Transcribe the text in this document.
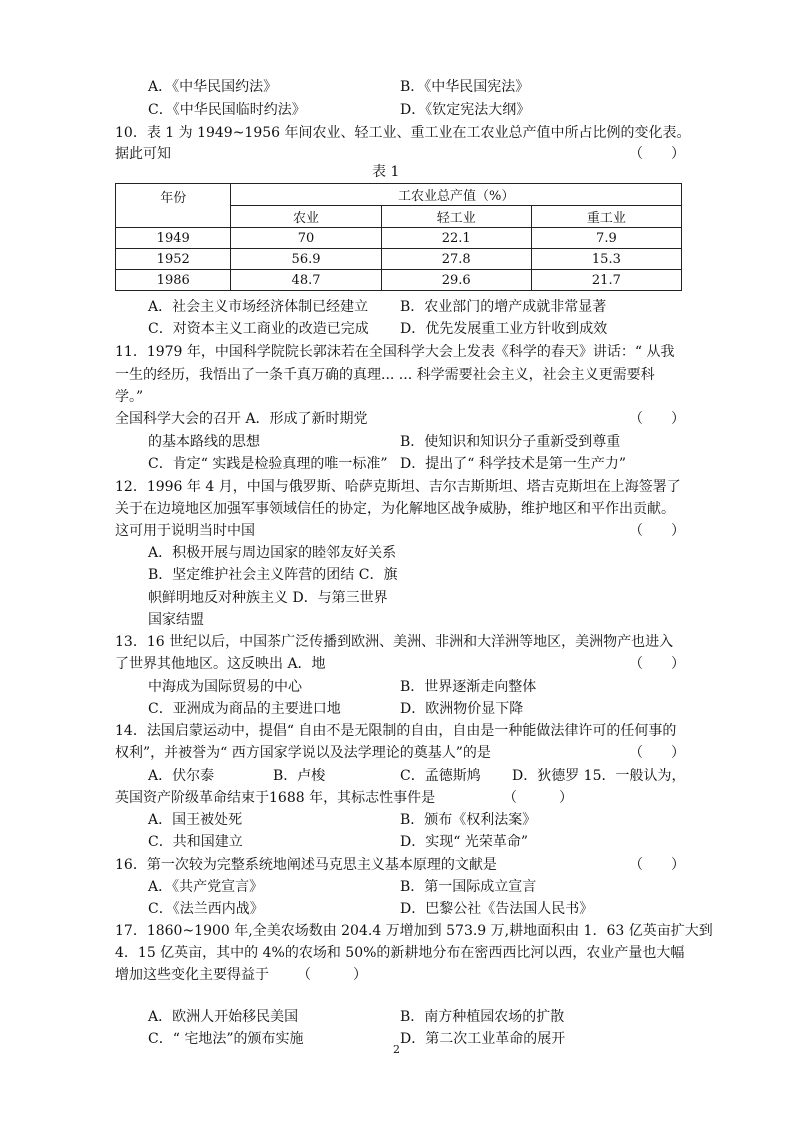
A．《中华民国约法》	B．《中华民国宪法》
C．《中华民国临时约法》	D．《钦定宪法大纲》
10．表 1 为 1949~1956 年间农业、轻工业、重工业在工农业总产值中所占比例的变化表。
据此可知	（　　）
表 1
年份	工农业总产值（%）		
	农业	轻工业	重工业
1949	70	22.1	7.9
1952	56.9	27.8	15.3
1986	48.7	29.6	21.7
A．社会主义市场经济体制已经建立 B．农业部门的增产成就非常显著
C．对资本主义工商业的改造已完成 D．优先发展重工业方针收到成效
11．1979 年，中国科学院院长郭沫若在全国科学大会上发表《科学的春天》讲话：“ 从我
一生的经历，我悟出了一条千真万确的真理... ... 科学需要社会主义，社会主义更需要科
学。”
全国科学大会的召开 A．形成了新时期党	（　　）
的基本路线的思想	B．使知识和知识分子重新受到尊重
C．肯定“ 实践是检验真理的唯一标准” D．提出了“ 科学技术是第一生产力”
12．1996 年 4 月，中国与俄罗斯、哈萨克斯坦、吉尔吉斯斯坦、塔吉克斯坦在上海签署了
关于在边境地区加强军事领域信任的协定，为化解地区战争威胁，维护地区和平作出贡献。
这可用于说明当时中国	（　　）
A．积极开展与周边国家的睦邻友好关系
B．坚定维护社会主义阵营的团结 C．旗
帜鲜明地反对种族主义 D．与第三世界
国家结盟
13．16 世纪以后，中国茶广泛传播到欧洲、美洲、非洲和大洋洲等地区，美洲物产也进入
了世界其他地区。这反映出 A．地	（　　）
中海成为国际贸易的中心	B．世界逐渐走向整体
C．亚洲成为商品的主要进口地	D．欧洲物价显下降
14．法国启蒙运动中，提倡“ 自由不是无限制的自由，自由是一种能做法律许可的任何事的
权利”，并被誉为“ 西方国家学说以及法学理论的奠基人”的是	（　　）
A．伏尔泰	B．卢梭	C．孟德斯鸠 D．狄德罗 15．一般认为，
英国资产阶级革命结束于1688 年，其标志性事件是	（　　　）
A．国王被处死	B．颁布《权利法案》
C．共和国建立	D．实现“ 光荣革命”
16．第一次较为完整系统地阐述马克思主义基本原理的文献是	（　　）
A．《共产党宣言》	B．第一国际成立宣言
C．《法兰西内战》	D．巴黎公社《告法国人民书》
17．1860~1900 年,全美农场数由 204.4 万增加到 573.9 万,耕地面积由 1．63 亿英亩扩大到
4．15 亿英亩，其中的 4%的农场和 50%的新耕地分布在密西西比河以西，农业产量也大幅
增加这些变化主要得益于 （　　　）
A．欧洲人开始移民美国	B．南方种植园农场的扩散
C．“ 宅地法”的颁布实施	D．第二次工业革命的展开
2
